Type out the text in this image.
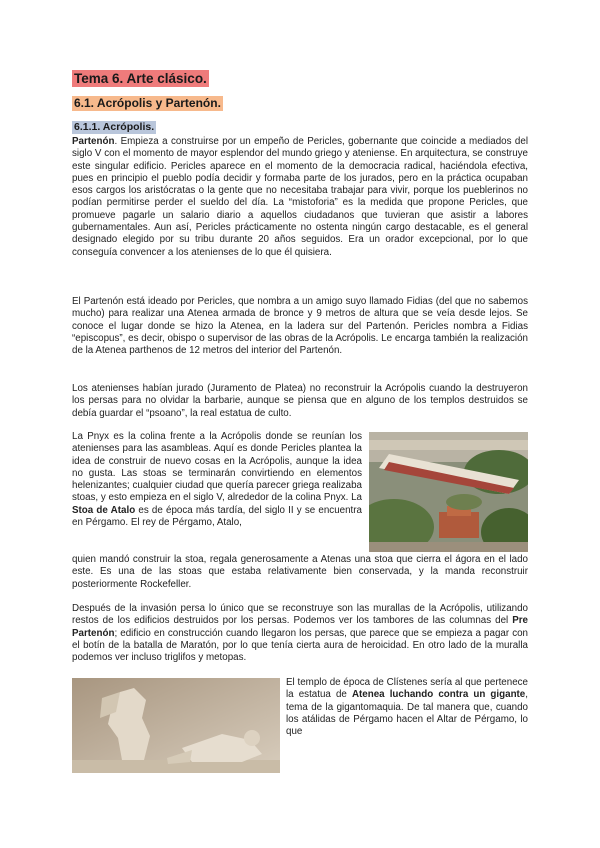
Tema 6. Arte clásico.
6.1. Acrópolis y Partenón.
6.1.1. Acrópolis.

Partenón. Empieza a construirse por un empeño de Pericles, gobernante que coincide a mediados del siglo V con el momento de mayor esplendor del mundo griego y ateniense. En arquitectura, se construye este singular edificio. Pericles aparece en el momento de la democracia radical, haciéndola efectiva, pues en principio el pueblo podía decidir y formaba parte de los jurados, pero en la práctica ocupaban esos cargos los aristócratas o la gente que no necesitaba trabajar para vivir, porque los pueblerinos no podían permitirse perder el sueldo del día. La “mistoforia” es la medida que propone Pericles, que promueve pagarle un salario diario a aquellos ciudadanos que tuvieran que asistir a labores gubernamentales. Aun así, Pericles prácticamente no ostenta ningún cargo destacable, es el general designado elegido por su tribu durante 20 años seguidos. Era un orador excepcional, por lo que conseguía convencer a los atenienses de lo que él quisiera.

El Partenón está ideado por Pericles, que nombra a un amigo suyo llamado Fidias (del que no sabemos mucho) para realizar una Atenea armada de bronce y 9 metros de altura que se veía desde lejos. Se conoce el lugar donde se hizo la Atenea, en la ladera sur del Partenón. Pericles nombra a Fidias “episcopus”, es decir, obispo o supervisor de las obras de la Acrópolis. Le encarga también la realización de la Atenea parthenos de 12 metros del interior del Partenón.

Los atenienses habían jurado (Juramento de Platea) no reconstruir la Acrópolis cuando la destruyeron los persas para no olvidar la barbarie, aunque se piensa que en alguno de los templos destruidos se debía guardar el “psoano”, la real estatua de culto.

La Pnyx es la colina frente a la Acrópolis donde se reunían los atenienses para las asambleas. Aquí es donde Pericles plantea la idea de construir de nuevo cosas en la Acrópolis, aunque la idea no gusta. Las stoas se terminarán convirtiendo en elementos helenizantes; cualquier ciudad que quería parecer griega realizaba stoas, y esto empieza en el siglo V, alrededor de la colina Pnyx. La Stoa de Atalo es de época más tardía, del siglo II y se encuentra en Pérgamo. El rey de Pérgamo, Atalo,

quien mandó construir la stoa, regala generosamente a Atenas una stoa que cierra el ágora en el lado este. Es una de las stoas que estaba relativamente bien conservada, y la manda reconstruir posteriormente Rockefeller.

Después de la invasión persa lo único que se reconstruye son las murallas de la Acrópolis, utilizando restos de los edificios destruidos por los persas. Podemos ver los tambores de las columnas del Pre Partenón; edificio en construcción cuando llegaron los persas, que parece que se empieza a pagar con el botín de la batalla de Maratón, por lo que tenía cierta aura de heroicidad. En otro lado de la muralla podemos ver incluso triglifos y metopas.

El templo de época de Clístenes sería al que pertenece la estatua de Atenea luchando contra un gigante, tema de la gigantomaquia. De tal manera que, cuando los atálidas de Pérgamo hacen el Altar de Pérgamo, lo que
